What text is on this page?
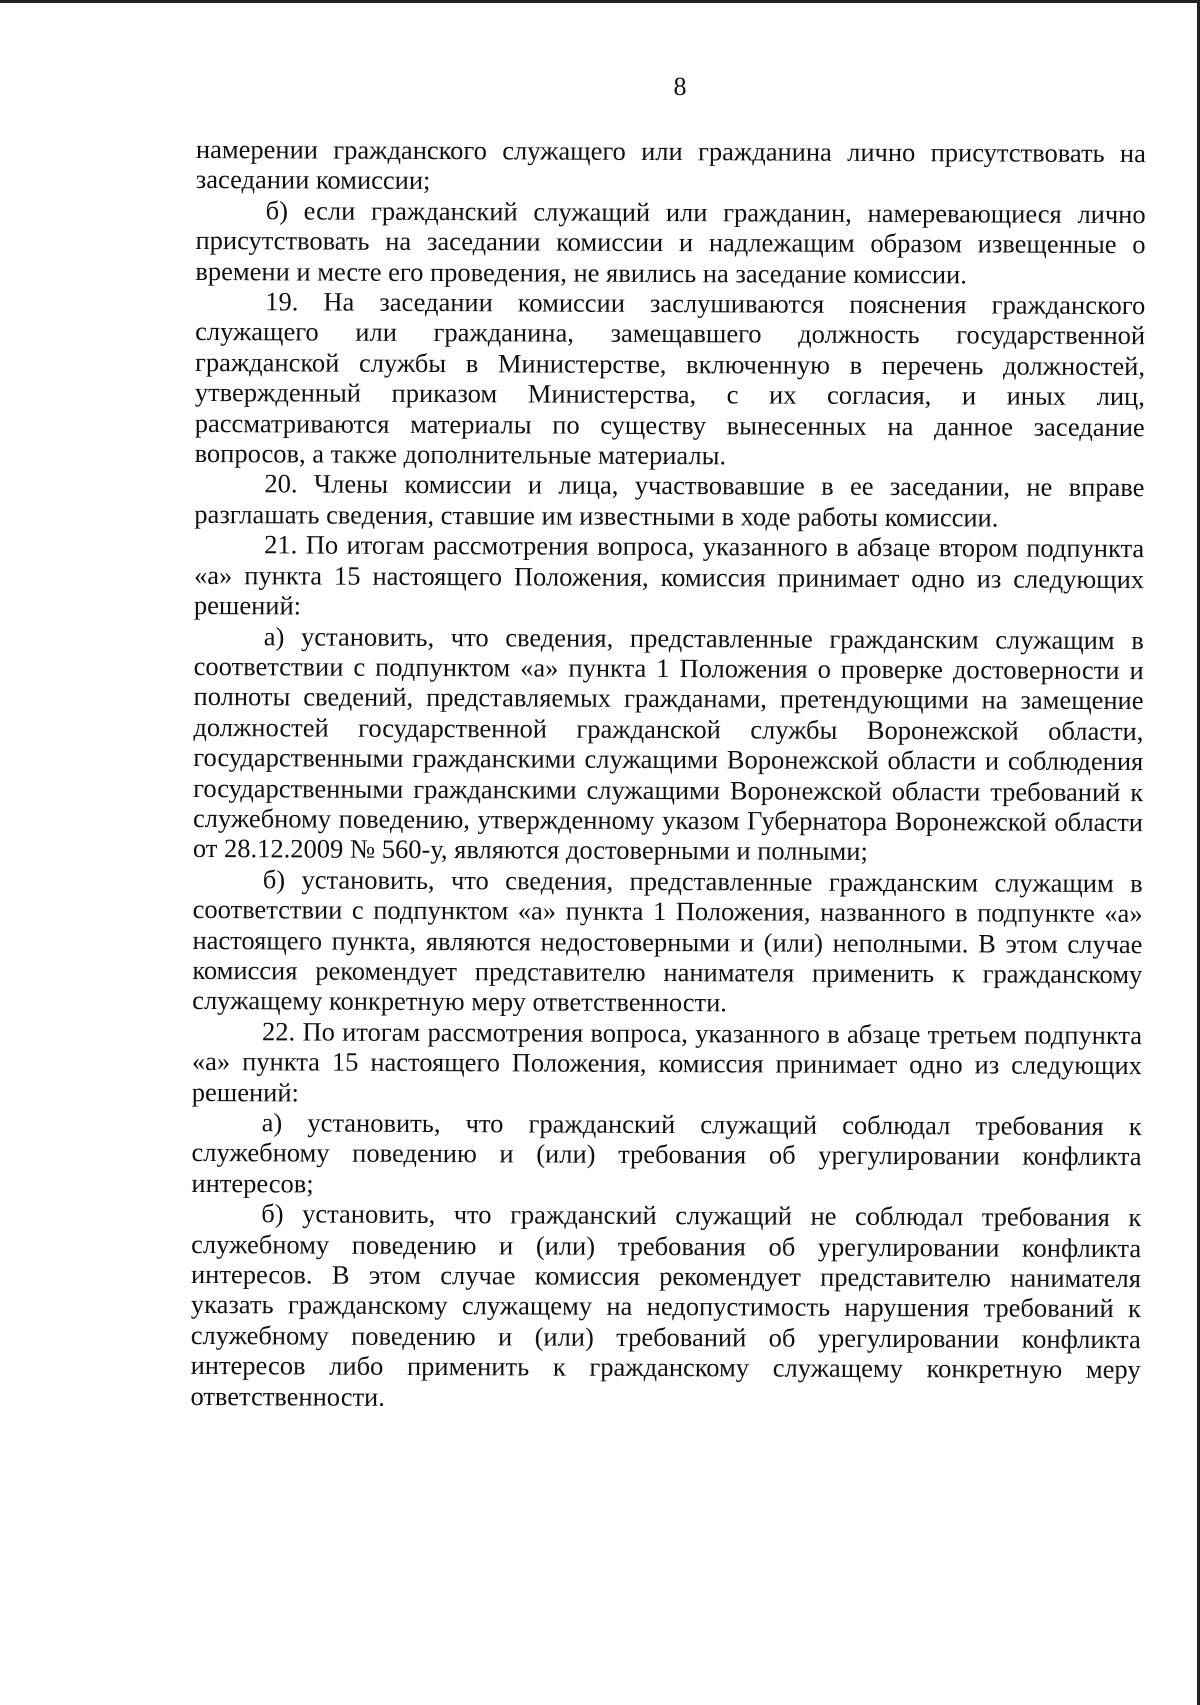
8

намерении гражданского служащего или гражданина лично присутствовать на заседании комиссии;

б) если гражданский служащий или гражданин, намеревающиеся лично присутствовать на заседании комиссии и надлежащим образом извещенные о времени и месте его проведения, не явились на заседание комиссии.

19. На заседании комиссии заслушиваются пояснения гражданского служащего или гражданина, замещавшего должность государственной гражданской службы в Министерстве, включенную в перечень должностей, утвержденный приказом Министерства, с их согласия, и иных лиц, рассматриваются материалы по существу вынесенных на данное заседание вопросов, а также дополнительные материалы.

20. Члены комиссии и лица, участвовавшие в ее заседании, не вправе разглашать сведения, ставшие им известными в ходе работы комиссии.

21. По итогам рассмотрения вопроса, указанного в абзаце втором подпункта «а» пункта 15 настоящего Положения, комиссия принимает одно из следующих решений:

а) установить, что сведения, представленные гражданским служащим в соответствии с подпунктом «а» пункта 1 Положения о проверке достоверности и полноты сведений, представляемых гражданами, претендующими на замещение должностей государственной гражданской службы Воронежской области, государственными гражданскими служащими Воронежской области и соблюдения государственными гражданскими служащими Воронежской области требований к служебному поведению, утвержденному указом Губернатора Воронежской области от 28.12.2009 № 560-у, являются достоверными и полными;

б) установить, что сведения, представленные гражданским служащим в соответствии с подпунктом «а» пункта 1 Положения, названного в подпункте «а» настоящего пункта, являются недостоверными и (или) неполными. В этом случае комиссия рекомендует представителю нанимателя применить к гражданскому служащему конкретную меру ответственности.

22. По итогам рассмотрения вопроса, указанного в абзаце третьем подпункта «а» пункта 15 настоящего Положения, комиссия принимает одно из следующих решений:

а) установить, что гражданский служащий соблюдал требования к служебному поведению и (или) требования об урегулировании конфликта интересов;

б) установить, что гражданский служащий не соблюдал требования к служебному поведению и (или) требования об урегулировании конфликта интересов. В этом случае комиссия рекомендует представителю нанимателя указать гражданскому служащему на недопустимость нарушения требований к служебному поведению и (или) требований об урегулировании конфликта интересов либо применить к гражданскому служащему конкретную меру ответственности.
